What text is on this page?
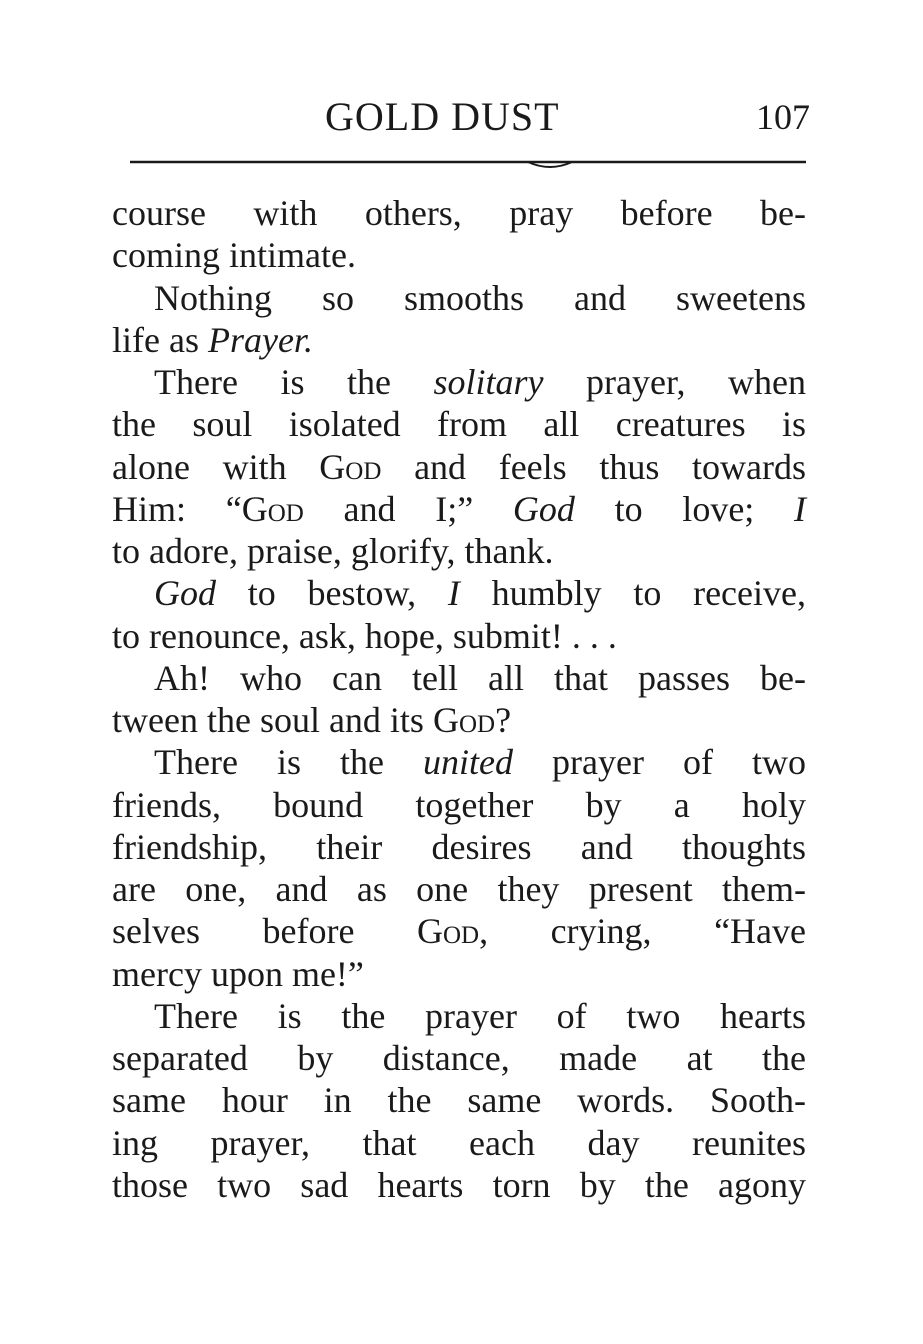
GOLD DUST	107
course with others, pray before be-
coming intimate.
Nothing so smooths and sweetens
life as Prayer.
There is the solitary prayer, when
the soul isolated from all creatures is
alone with God and feels thus towards
Him: “God and I;” God to love; I
to adore, praise, glorify, thank.
God to bestow, I humbly to receive,
to renounce, ask, hope, submit! . . .
Ah! who can tell all that passes be-
tween the soul and its God?
There is the united prayer of two
friends, bound together by a holy
friendship, their desires and thoughts
are one, and as one they present them-
selves before God, crying, “Have
mercy upon me!”
There is the prayer of two hearts
separated by distance, made at the
same hour in the same words. Sooth-
ing prayer, that each day reunites
those two sad hearts torn by the agony
